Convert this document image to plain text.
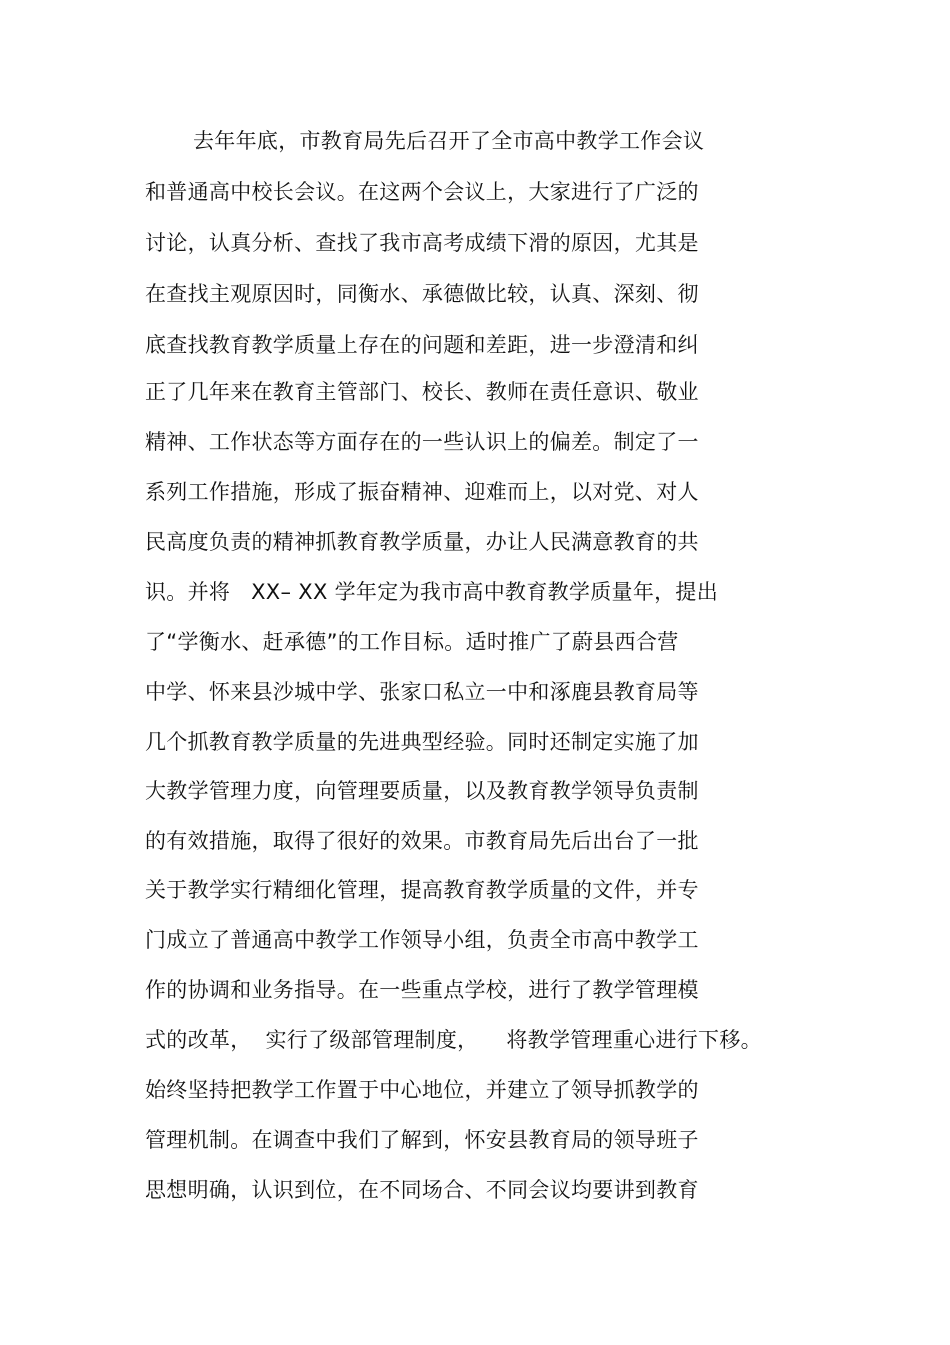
去年年底，市教育局先后召开了全市高中教学工作会议
和普通高中校长会议。在这两个会议上，大家进行了广泛的
讨论，认真分析、查找了我市高考成绩下滑的原因，尤其是
在查找主观原因时，同衡水、承德做比较，认真、深刻、彻
底查找教育教学质量上存在的问题和差距，进一步澄清和纠
正了几年来在教育主管部门、校长、教师在责任意识、敬业
精神、工作状态等方面存在的一些认识上的偏差。制定了一
系列工作措施，形成了振奋精神、迎难而上，以对党、对人
民高度负责的精神抓教育教学质量，办让人民满意教育的共
识。并将   XX– XX 学年定为我市高中教育教学质量年，提出
了“学衡水、赶承德”的工作目标。适时推广了蔚县西合营
中学、怀来县沙城中学、张家口私立一中和涿鹿县教育局等
几个抓教育教学质量的先进典型经验。同时还制定实施了加
大教学管理力度，向管理要质量，以及教育教学领导负责制
的有效措施，取得了很好的效果。市教育局先后出台了一批
关于教学实行精细化管理，提高教育教学质量的文件，并专
门成立了普通高中教学工作领导小组，负责全市高中教学工
作的协调和业务指导。在一些重点学校，进行了教学管理模
式的改革，  实行了级部管理制度，    将教学管理重心进行下移。
始终坚持把教学工作置于中心地位，并建立了领导抓教学的
管理机制。在调查中我们了解到，怀安县教育局的领导班子
思想明确，认识到位，在不同场合、不同会议均要讲到教育
